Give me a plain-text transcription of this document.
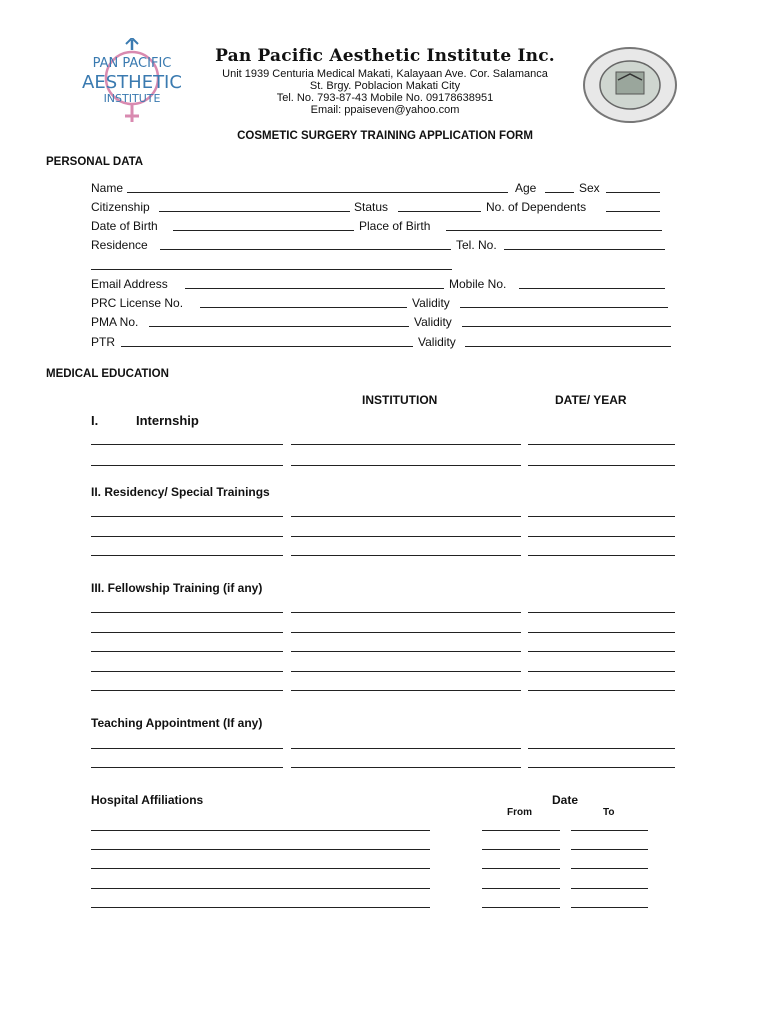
PAN PACIFIC
AESTHETIC
INSTITUTE
Pan Pacific Aesthetic Institute Inc.
Unit 1939 Centuria Medical Makati, Kalayaan Ave. Cor. Salamanca
St. Brgy. Poblacion Makati City
Tel. No. 793-87-43 Mobile No. 09178638951
Email: ppaiseven@yahoo.com
COSMETIC SURGERY TRAINING APPLICATION FORM
PERSONAL DATA
Name	Age	Sex
Citizenship	Status	No. of Dependents
Date of Birth	Place of Birth
Residence	Tel. No.
Email Address	Mobile No.
PRC License No.	Validity
PMA No.	Validity
PTR	Validity
MEDICAL EDUCATION
INSTITUTION	DATE/ YEAR
I.	Internship
II. Residency/ Special Trainings
III. Fellowship Training (if any)
Teaching Appointment (If any)
Hospital Affiliations	Date
From	To
